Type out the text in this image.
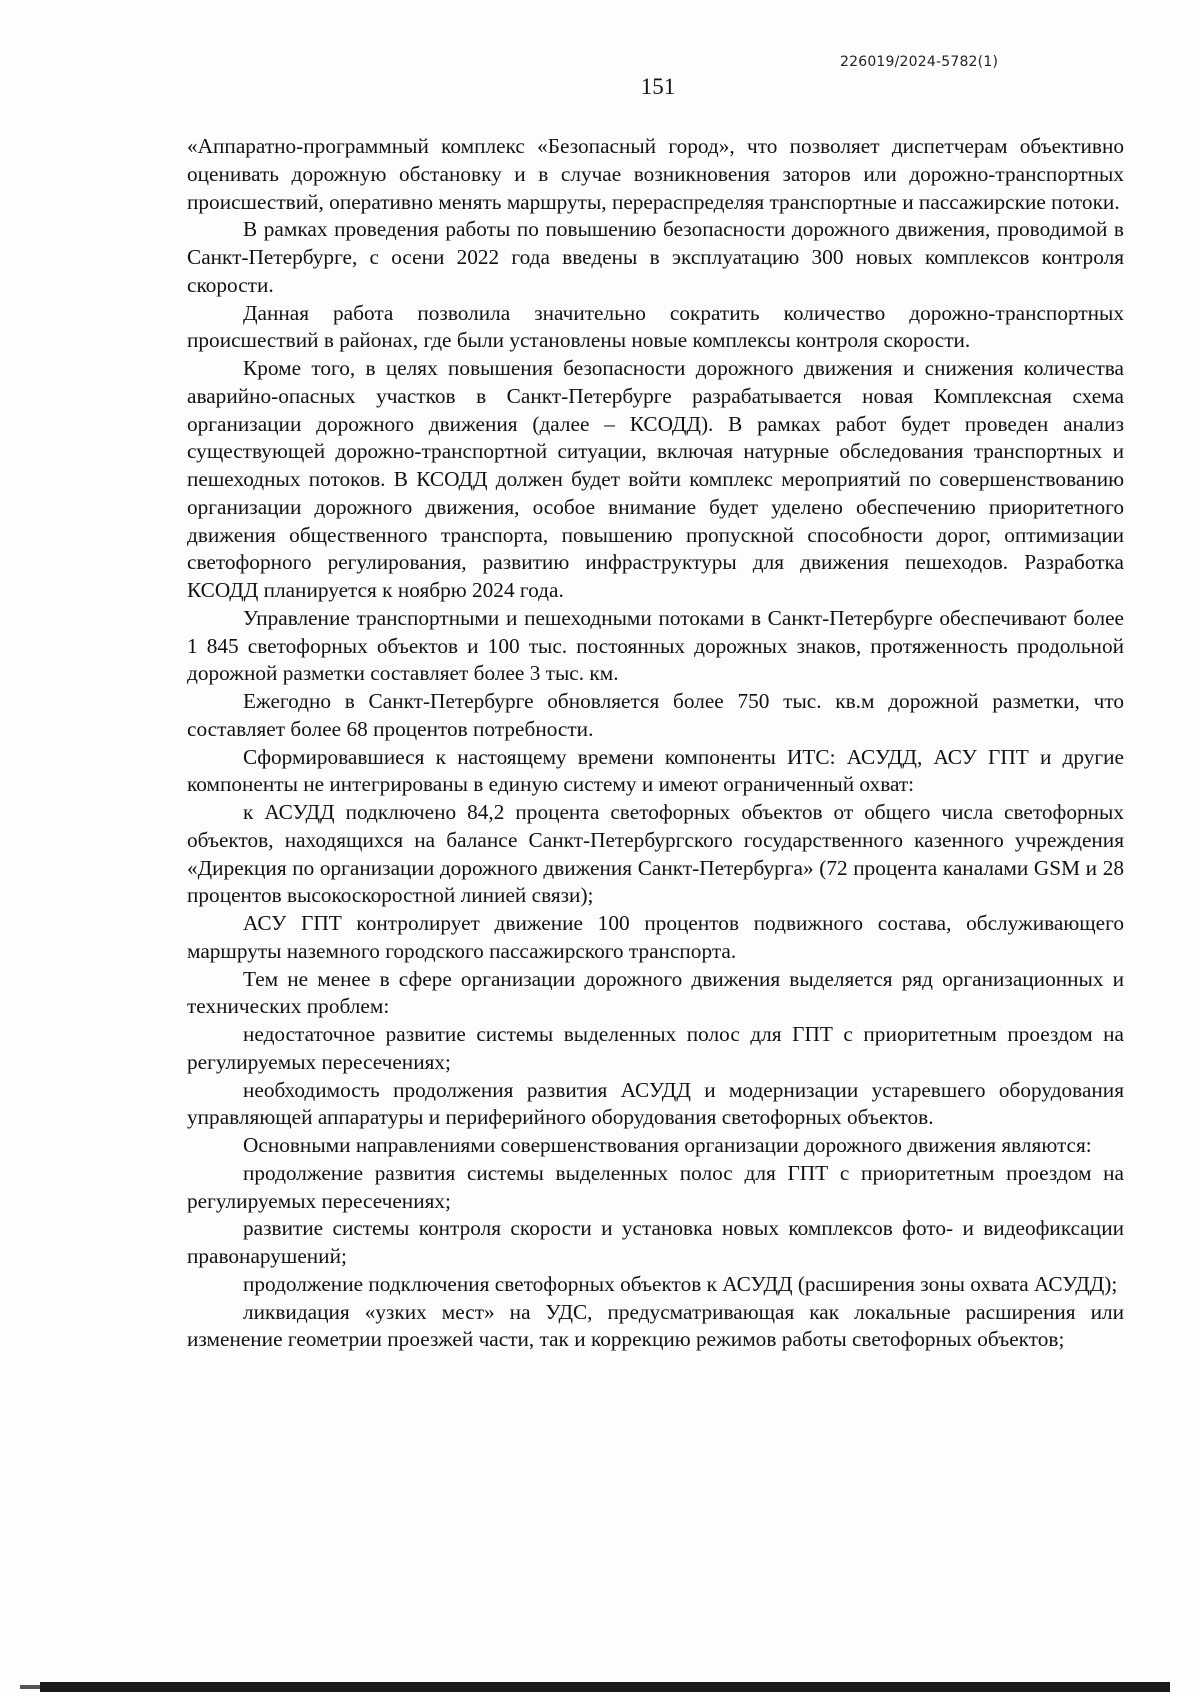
226019/2024-5782(1)
151

«Аппаратно-программный комплекс «Безопасный город», что позволяет диспетчерам объективно оценивать дорожную обстановку и в случае возникновения заторов или дорожно-транспортных происшествий, оперативно менять маршруты, перераспределяя транспортные и пассажирские потоки.

В рамках проведения работы по повышению безопасности дорожного движения, проводимой в Санкт-Петербурге, с осени 2022 года введены в эксплуатацию 300 новых комплексов контроля скорости.

Данная работа позволила значительно сократить количество дорожно-транспортных происшествий в районах, где были установлены новые комплексы контроля скорости.

Кроме того, в целях повышения безопасности дорожного движения и снижения количества аварийно-опасных участков в Санкт-Петербурге разрабатывается новая Комплексная схема организации дорожного движения (далее – КСОДД). В рамках работ будет проведен анализ существующей дорожно-транспортной ситуации, включая натурные обследования транспортных и пешеходных потоков. В КСОДД должен будет войти комплекс мероприятий по совершенствованию организации дорожного движения, особое внимание будет уделено обеспечению приоритетного движения общественного транспорта, повышению пропускной способности дорог, оптимизации светофорного регулирования, развитию инфраструктуры для движения пешеходов. Разработка КСОДД планируется к ноябрю 2024 года.

Управление транспортными и пешеходными потоками в Санкт-Петербурге обеспечивают более 1 845 светофорных объектов и 100 тыс. постоянных дорожных знаков, протяженность продольной дорожной разметки составляет более 3 тыс. км.

Ежегодно в Санкт-Петербурге обновляется более 750 тыс. кв.м дорожной разметки, что составляет более 68 процентов потребности.

Сформировавшиеся к настоящему времени компоненты ИТС: АСУДД, АСУ ГПТ и другие компоненты не интегрированы в единую систему и имеют ограниченный охват:

к АСУДД подключено 84,2 процента светофорных объектов от общего числа светофорных объектов, находящихся на балансе Санкт-Петербургского государственного казенного учреждения «Дирекция по организации дорожного движения Санкт-Петербурга» (72 процента каналами GSM и 28 процентов высокоскоростной линией связи);

АСУ ГПТ контролирует движение 100 процентов подвижного состава, обслуживающего маршруты наземного городского пассажирского транспорта.

Тем не менее в сфере организации дорожного движения выделяется ряд организационных и технических проблем:

недостаточное развитие системы выделенных полос для ГПТ с приоритетным проездом на регулируемых пересечениях;

необходимость продолжения развития АСУДД и модернизации устаревшего оборудования управляющей аппаратуры и периферийного оборудования светофорных объектов.

Основными направлениями совершенствования организации дорожного движения являются:

продолжение развития системы выделенных полос для ГПТ с приоритетным проездом на регулируемых пересечениях;

развитие системы контроля скорости и установка новых комплексов фото- и видеофиксации правонарушений;

продолжение подключения светофорных объектов к АСУДД (расширения зоны охвата АСУДД);

ликвидация «узких мест» на УДС, предусматривающая как локальные расширения или изменение геометрии проезжей части, так и коррекцию режимов работы светофорных объектов;
